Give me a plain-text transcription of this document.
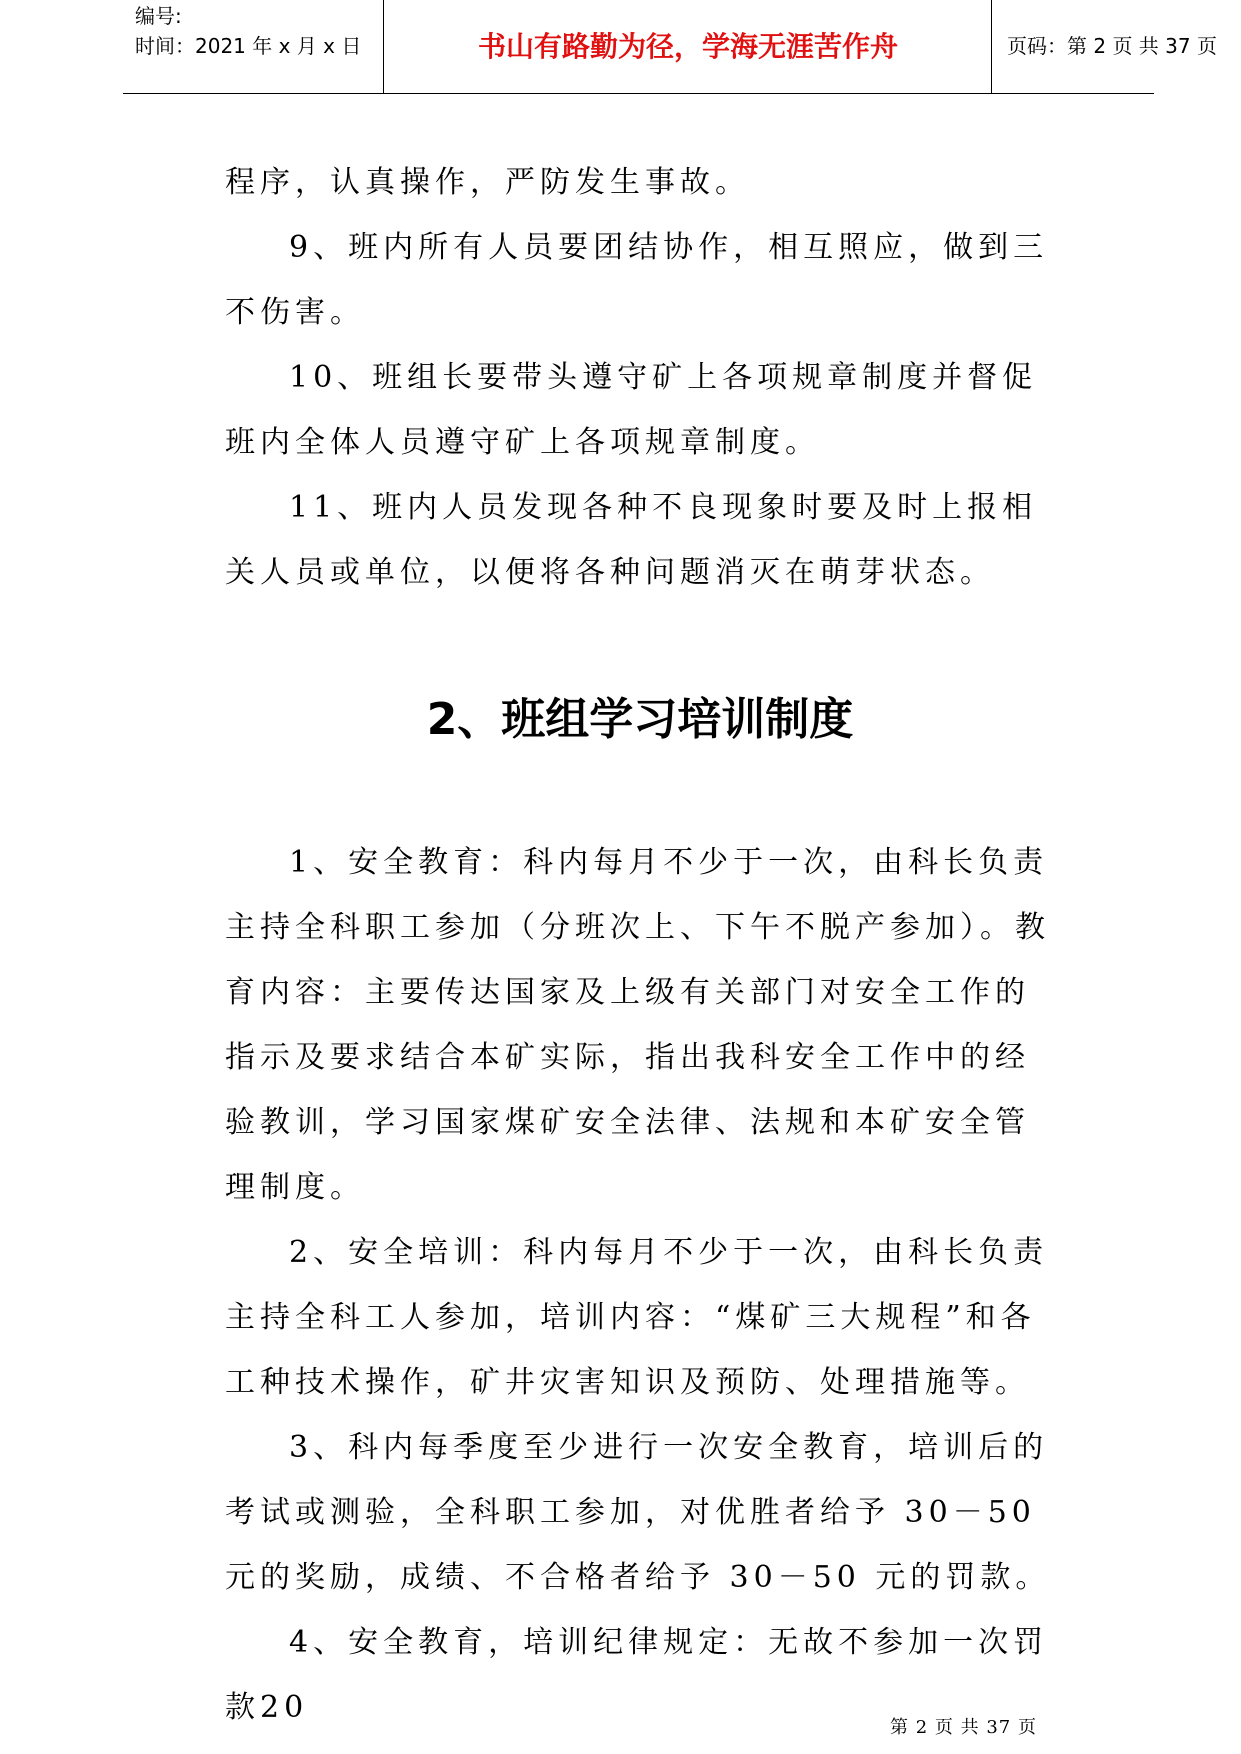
编号:
时间：2021 年 x 月 x 日	书山有路勤为径，学海无涯苦作舟	页码：第 2 页 共 37 页

程序，认真操作，严防发生事故。

9、班内所有人员要团结协作，相互照应，做到三不伤害。

10、班组长要带头遵守矿上各项规章制度并督促班内全体人员遵守矿上各项规章制度。

11、班内人员发现各种不良现象时要及时上报相关人员或单位，以便将各种问题消灭在萌芽状态。

2、班组学习培训制度

1、安全教育：科内每月不少于一次，由科长负责主持全科职工参加（分班次上、下午不脱产参加）。教育内容：主要传达国家及上级有关部门对安全工作的指示及要求结合本矿实际，指出我科安全工作中的经验教训，学习国家煤矿安全法律、法规和本矿安全管理制度。

2、安全培训：科内每月不少于一次，由科长负责主持全科工人参加，培训内容：“煤矿三大规程”和各工种技术操作，矿井灾害知识及预防、处理措施等。

3、科内每季度至少进行一次安全教育，培训后的考试或测验，全科职工参加，对优胜者给予 30－50 元的奖励，成绩、不合格者给予 30－50 元的罚款。

4、安全教育，培训纪律规定：无故不参加一次罚款20

第 2 页 共 37 页
